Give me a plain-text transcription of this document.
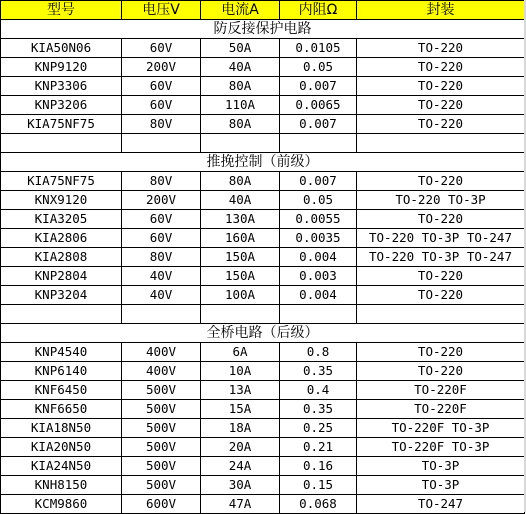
型号	电压V	电流A	内阻Ω	封装
防反接保护电路				
KIA50N06	60V	50A	0.0105	TO-220
KNP9120	200V	40A	0.05	TO-220
KNP3306	60V	80A	0.007	TO-220
KNP3206	60V	110A	0.0065	TO-220
KIA75NF75	80V	80A	0.007	TO-220

推挽控制（前级）				
KIA75NF75	80V	80A	0.007	TO-220
KNX9120	200V	40A	0.05	TO-220 TO-3P
KIA3205	60V	130A	0.0055	TO-220
KIA2806	60V	160A	0.0035	TO-220 TO-3P TO-247
KIA2808	80V	150A	0.004	TO-220 TO-3P TO-247
KNP2804	40V	150A	0.003	TO-220
KNP3204	40V	100A	0.004	TO-220

全桥电路（后级）				
KNP4540	400V	6A	0.8	TO-220
KNP6140	400V	10A	0.35	TO-220
KNF6450	500V	13A	0.4	TO-220F
KNF6650	500V	15A	0.35	TO-220F
KIA18N50	500V	18A	0.25	TO-220F TO-3P
KIA20N50	500V	20A	0.21	TO-220F TO-3P
KIA24N50	500V	24A	0.16	TO-3P
KNH8150	500V	30A	0.15	TO-3P
KCM9860	600V	47A	0.068	TO-247
